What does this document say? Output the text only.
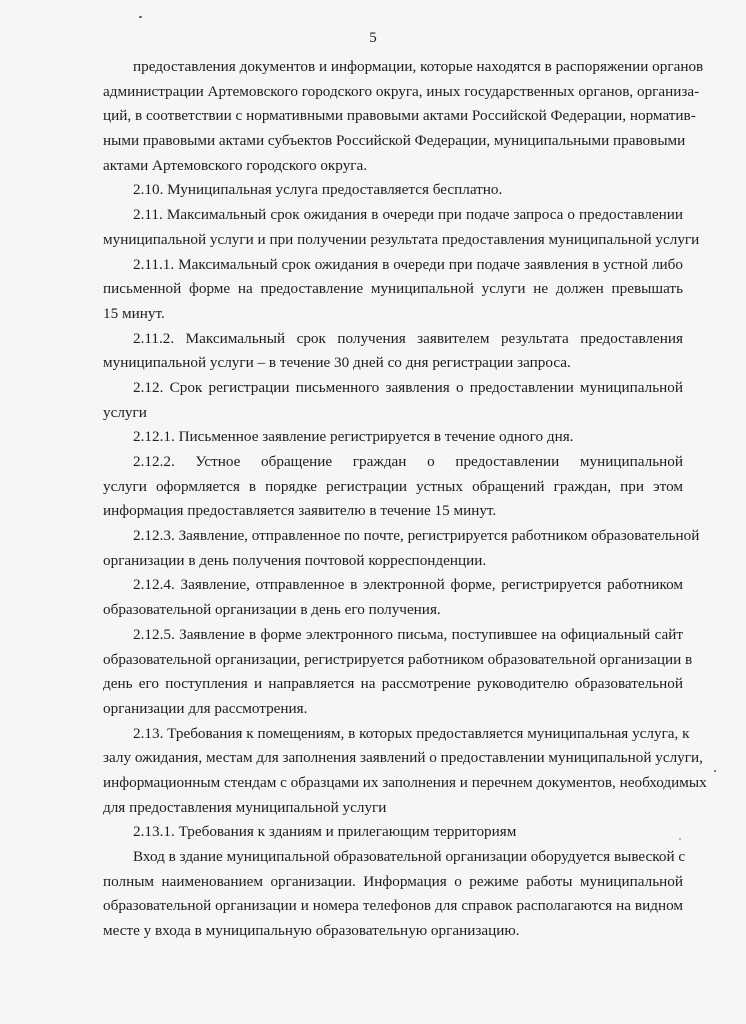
5
предоставления документов и информации, которые находятся в распоряжении органов
администрации Артемовского городского округа, иных государственных органов, организа-
ций, в соответствии с нормативными правовыми актами Российской Федерации, норматив-
ными правовыми актами субъектов Российской Федерации, муниципальными правовыми
актами Артемовского городского округа.
2.10. Муниципальная услуга предоставляется бесплатно.
2.11. Максимальный срок ожидания в очереди при подаче запроса о предоставлении
муниципальной услуги и при получении результата предоставления муниципальной услуги
2.11.1. Максимальный срок ожидания в очереди при подаче заявления в устной либо
письменной форме на предоставление муниципальной услуги не должен превышать
15 минут.
2.11.2. Максимальный срок получения заявителем результата предоставления
муниципальной услуги – в течение 30 дней со дня регистрации запроса.
2.12. Срок регистрации письменного заявления о предоставлении муниципальной
услуги
2.12.1. Письменное заявление регистрируется в течение одного дня.
2.12.2. Устное обращение граждан о предоставлении муниципальной
услуги оформляется в порядке регистрации устных обращений граждан, при этом
информация предоставляется заявителю в течение 15 минут.
2.12.3. Заявление, отправленное по почте, регистрируется работником образовательной
организации в день получения почтовой корреспонденции.
2.12.4. Заявление, отправленное в электронной форме, регистрируется работником
образовательной организации в день его получения.
2.12.5. Заявление в форме электронного письма, поступившее на официальный сайт
образовательной организации, регистрируется работником образовательной организации в
день его поступления и направляется на рассмотрение руководителю образовательной
организации для рассмотрения.
2.13. Требования к помещениям, в которых предоставляется муниципальная услуга, к
залу ожидания, местам для заполнения заявлений о предоставлении муниципальной услуги,
информационным стендам с образцами их заполнения и перечнем документов, необходимых
для предоставления муниципальной услуги
2.13.1. Требования к зданиям и прилегающим территориям
Вход в здание муниципальной образовательной организации оборудуется вывеской с
полным наименованием организации. Информация о режиме работы муниципальной
образовательной организации и номера телефонов для справок располагаются на видном
месте у входа в муниципальную образовательную организацию.
